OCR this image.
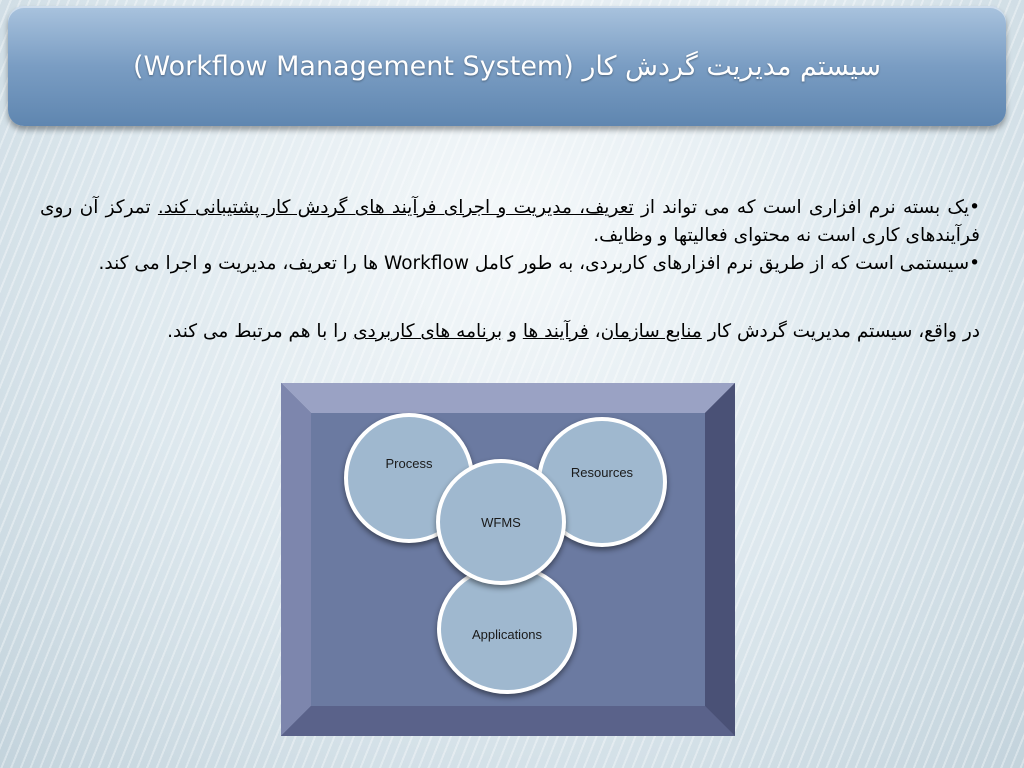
سیستم مدیریت گردش کار (Workflow Management System)

•یک بسته نرم افزاری است که می تواند از تعریف، مدیریت و اجرای فرآیند های گردش کار پشتیبانی کند. تمرکز آن روی فرآیندهای کاری است نه محتوای فعالیتها و وظایف.

•سیستمی است که از طریق نرم افزارهای کاربردی، به طور کامل Workflow ها را تعریف، مدیریت و اجرا می کند.

در واقع، سیستم مدیریت گردش کار منابع سازمان، فرآیند ها و برنامه های کاربردی را با هم مرتبط می کند.

Process
Resources
Applications
WFMS
